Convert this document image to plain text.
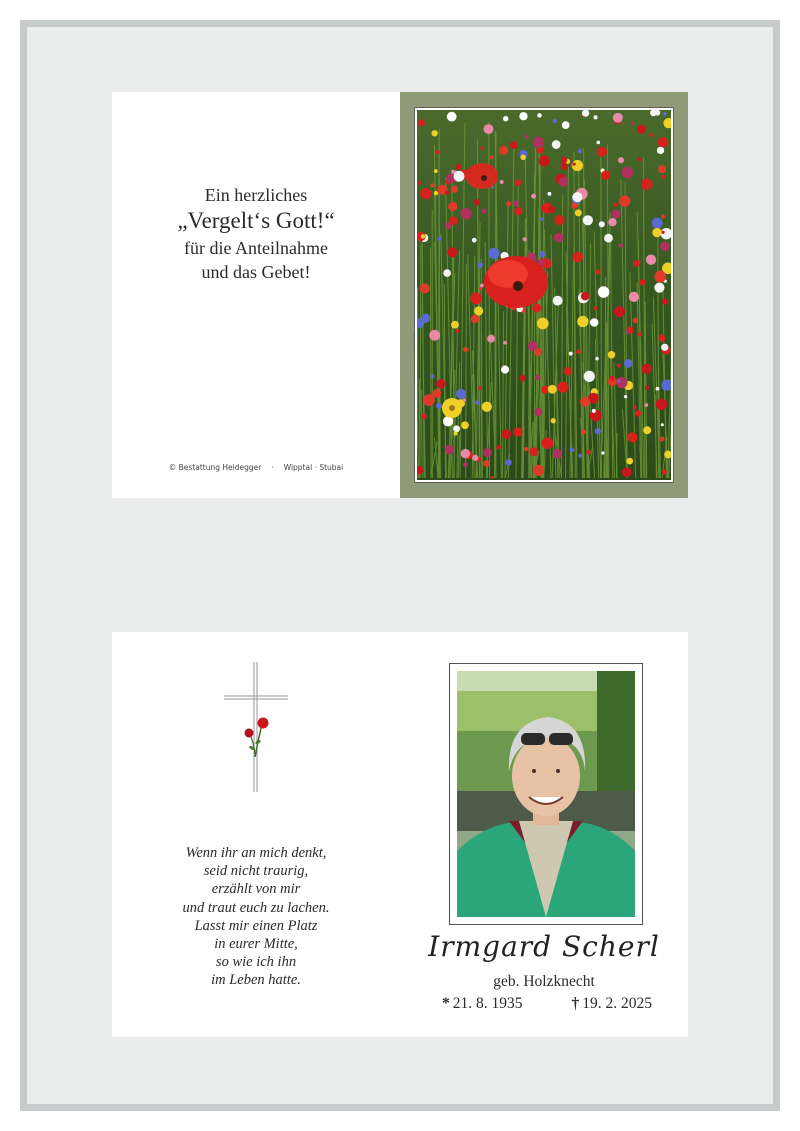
Ein herzliches
„Vergelt‘s Gott!“
für die Anteilnahme
und das Gebet!
© Bestattung Heidegger · Wipptal · Stubai
Wenn ihr an mich denkt,
seid nicht traurig,
erzählt von mir
und traut euch zu lachen.
Lasst mir einen Platz
in eurer Mitte,
so wie ich ihn
im Leben hatte.
Irmgard Scherl
geb. Holzknecht
* 21. 8. 1935	† 19. 2. 2025
